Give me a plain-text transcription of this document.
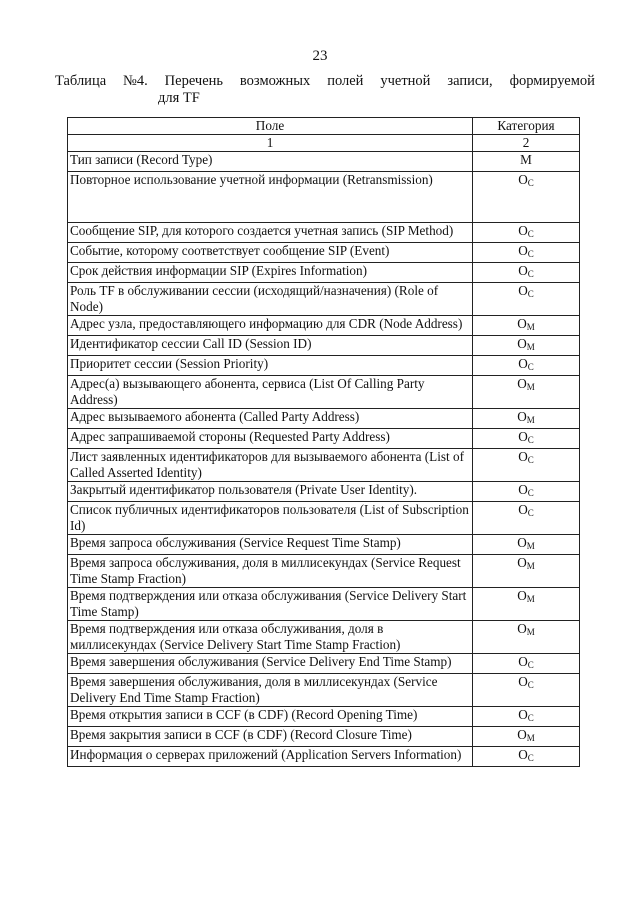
23
Таблица №4. Перечень возможных полей учетной записи, формируемой
для TF
Поле	Категория
1	2
Тип записи (Record Type)	M
Повторное использование учетной информации (Retransmission)	$O_C$
Сообщение SIP, для которого создается учетная запись (SIP Method)	$O_C$
Событие, которому соответствует сообщение SIP (Event)	$O_C$
Срок действия информации SIP (Expires Information)	$O_C$
Роль TF в обслуживании сессии (исходящий/назначения) (Role of Node)	$O_C$
Адрес узла, предоставляющего информацию для CDR (Node Address)	$O_M$
Идентификатор сессии Call ID (Session ID)	$O_M$
Приоритет сессии (Session Priority)	$O_C$
Адрес(а) вызывающего абонента, сервиса (List Of Calling Party Address)	$O_M$
Адрес вызываемого абонента (Called Party Address)	$O_M$
Адрес запрашиваемой стороны (Requested Party Address)	$O_C$
Лист заявленных идентификаторов для вызываемого абонента (List of Called Asserted Identity)	$O_C$
Закрытый идентификатор пользователя (Private User Identity).	$O_C$
Список публичных идентификаторов пользователя (List of Subscription Id)	$O_C$
Время запроса обслуживания (Service Request Time Stamp)	$O_M$
Время запроса обслуживания, доля в миллисекундах (Service Request Time Stamp Fraction)	$O_M$
Время подтверждения или отказа обслуживания (Service Delivery Start Time Stamp)	$O_M$
Время подтверждения или отказа обслуживания, доля в миллисекундах (Service Delivery Start Time Stamp Fraction)	$O_M$
Время завершения обслуживания (Service Delivery End Time Stamp)	$O_C$
Время завершения обслуживания, доля в миллисекундах (Service Delivery End Time Stamp Fraction)	$O_C$
Время открытия записи в CCF (в CDF) (Record Opening Time)	$O_C$
Время закрытия записи в CCF (в CDF) (Record Closure Time)	$O_M$
Информация о серверах приложений (Application Servers Information)	$O_C$
